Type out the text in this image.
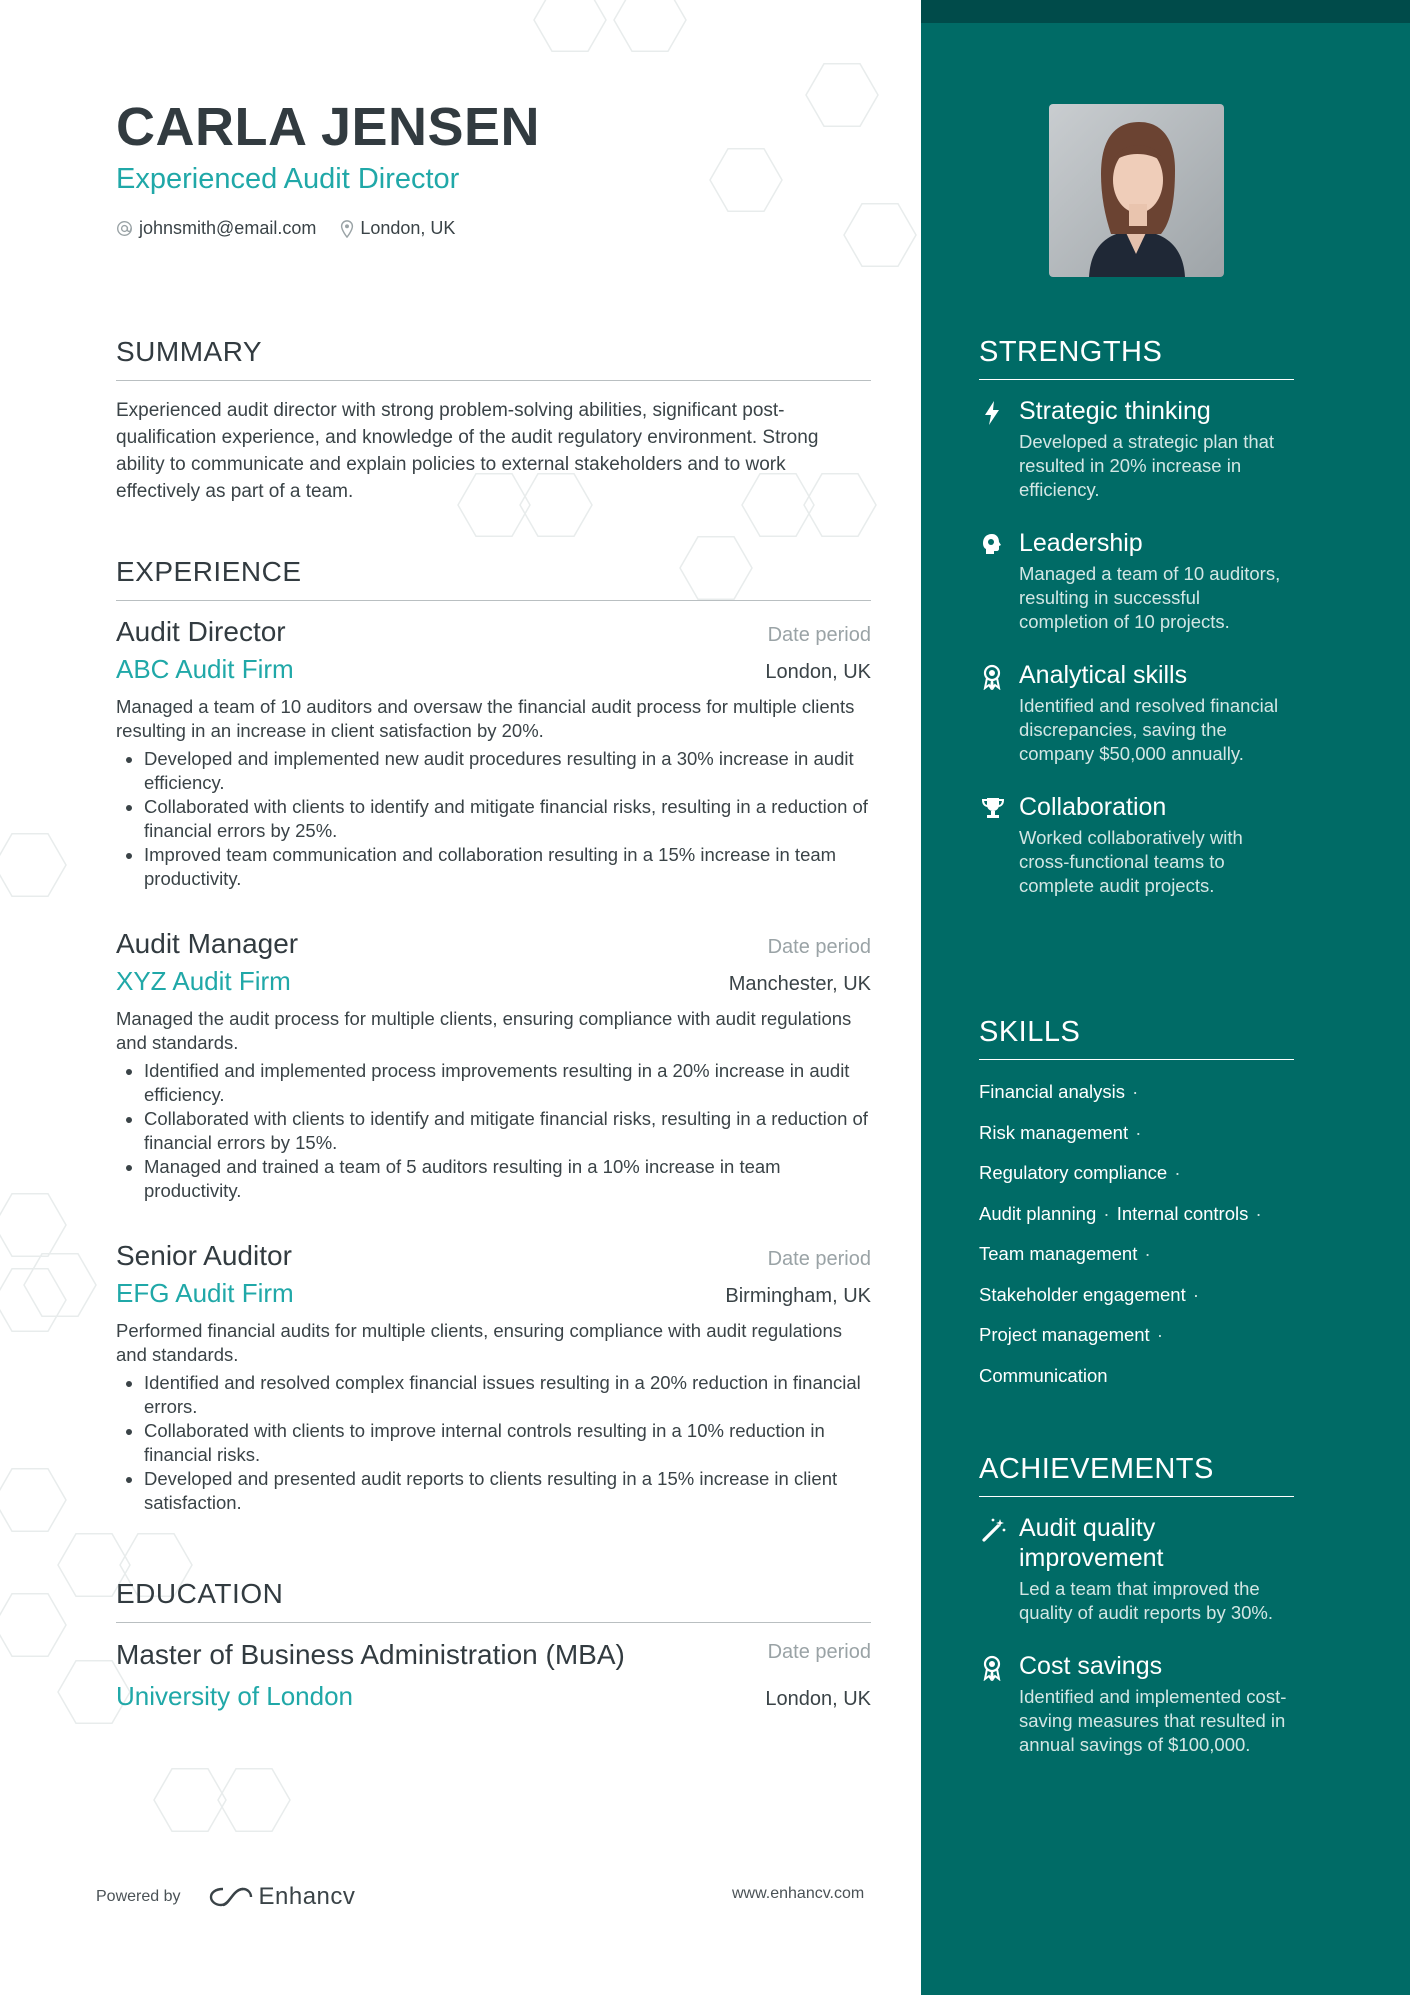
CARLA JENSEN
Experienced Audit Director
johnsmith@email.com London, UK
SUMMARY
Experienced audit director with strong problem-solving abilities, significant post-qualification experience, and knowledge of the audit regulatory environment. Strong ability to communicate and explain policies to external stakeholders and to work effectively as part of a team.
EXPERIENCE
Audit Director	Date period
ABC Audit Firm	London, UK
Managed a team of 10 auditors and oversaw the financial audit process for multiple clients resulting in an increase in client satisfaction by 20%.
• Developed and implemented new audit procedures resulting in a 30% increase in audit efficiency.
• Collaborated with clients to identify and mitigate financial risks, resulting in a reduction of financial errors by 25%.
• Improved team communication and collaboration resulting in a 15% increase in team productivity.
Audit Manager	Date period
XYZ Audit Firm	Manchester, UK
Managed the audit process for multiple clients, ensuring compliance with audit regulations and standards.
• Identified and implemented process improvements resulting in a 20% increase in audit efficiency.
• Collaborated with clients to identify and mitigate financial risks, resulting in a reduction of financial errors by 15%.
• Managed and trained a team of 5 auditors resulting in a 10% increase in team productivity.
Senior Auditor	Date period
EFG Audit Firm	Birmingham, UK
Performed financial audits for multiple clients, ensuring compliance with audit regulations and standards.
• Identified and resolved complex financial issues resulting in a 20% reduction in financial errors.
• Collaborated with clients to improve internal controls resulting in a 10% reduction in financial risks.
• Developed and presented audit reports to clients resulting in a 15% increase in client satisfaction.
EDUCATION
Master of Business Administration (MBA)	Date period
University of London	London, UK
Powered by	Enhancv	www.enhancv.com
STRENGTHS
Strategic thinking
Developed a strategic plan that resulted in 20% increase in efficiency.
Leadership
Managed a team of 10 auditors, resulting in successful completion of 10 projects.
Analytical skills
Identified and resolved financial discrepancies, saving the company $50,000 annually.
Collaboration
Worked collaboratively with cross-functional teams to complete audit projects.
SKILLS
Financial analysis ·
Risk management ·
Regulatory compliance ·
Audit planning · Internal controls ·
Team management ·
Stakeholder engagement ·
Project management ·
Communication
ACHIEVEMENTS
Audit quality improvement
Led a team that improved the quality of audit reports by 30%.
Cost savings
Identified and implemented cost-saving measures that resulted in annual savings of $100,000.
